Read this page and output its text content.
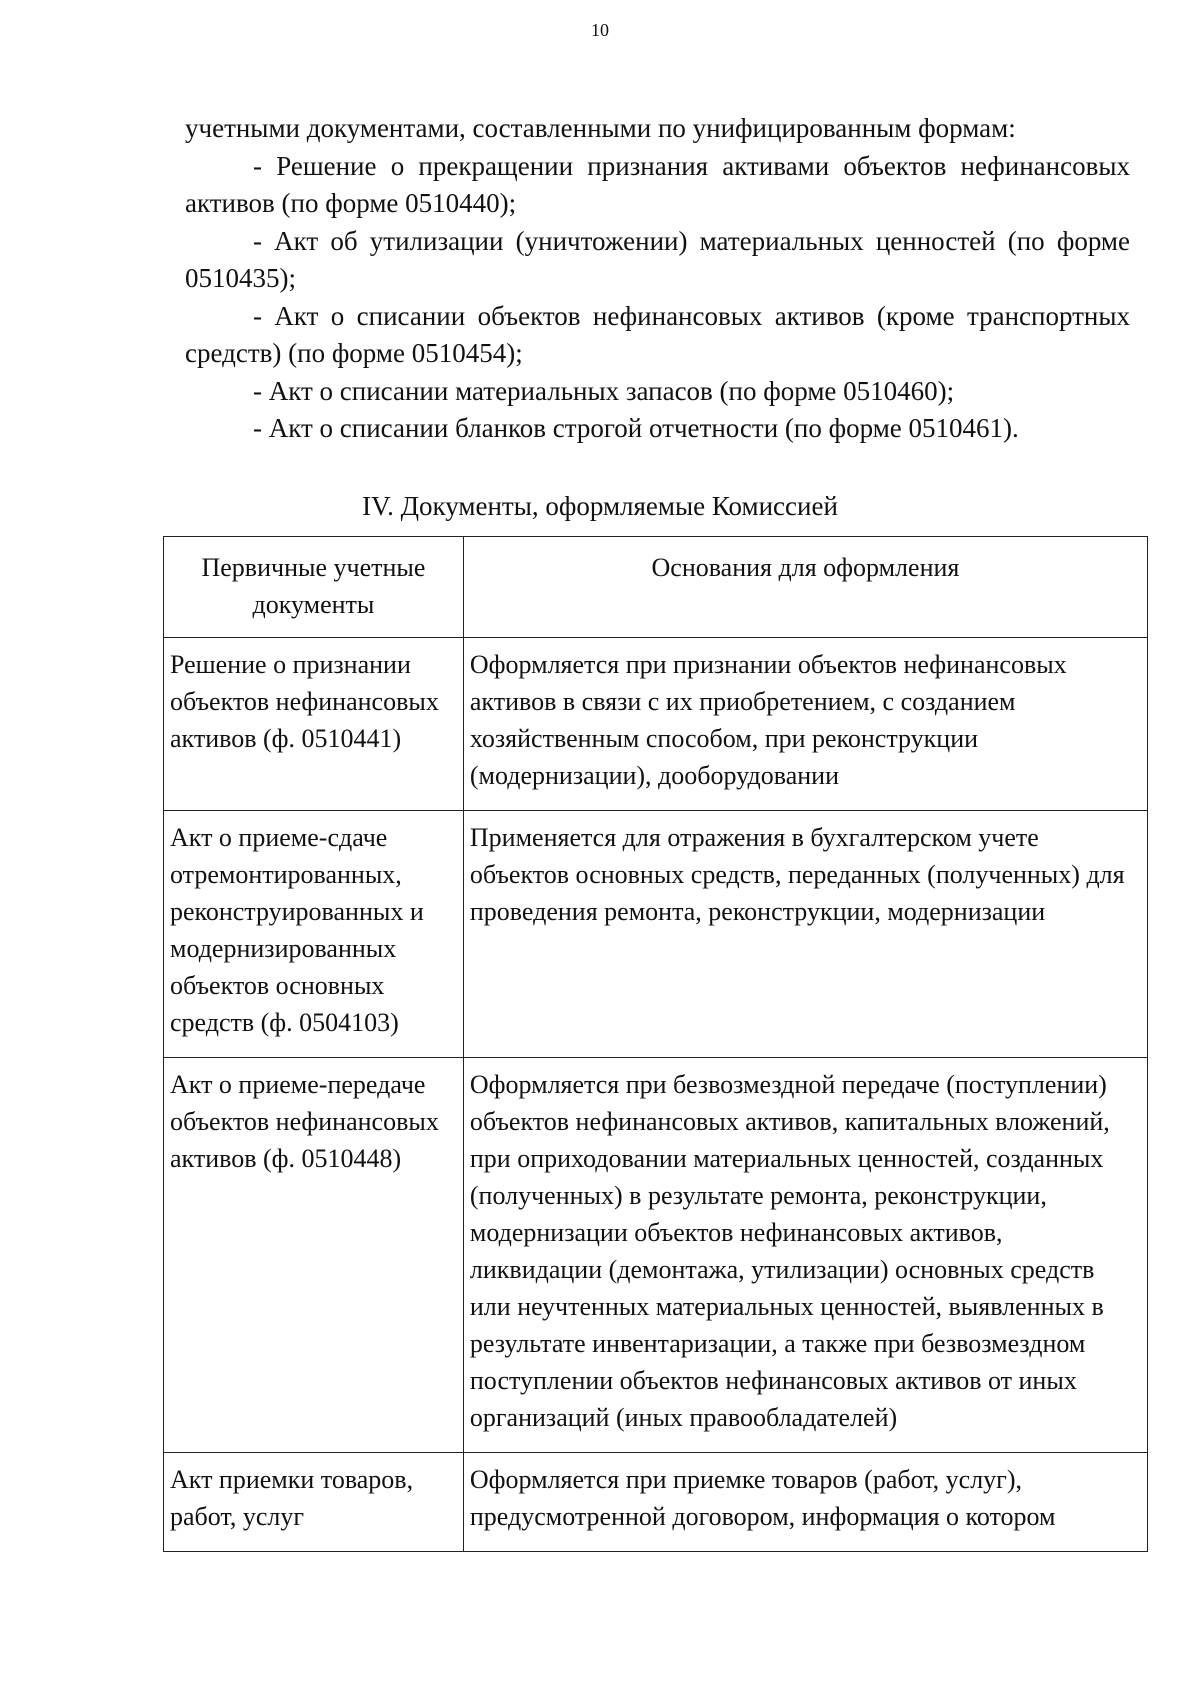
10

учетными документами, составленными по унифицированным формам:

- Решение о прекращении признания активами объектов нефинансовых активов (по форме 0510440);

- Акт об утилизации (уничтожении) материальных ценностей (по форме 0510435);

- Акт о списании объектов нефинансовых активов (кроме транспортных средств) (по форме 0510454);

- Акт о списании материальных запасов (по форме 0510460);

- Акт о списании бланков строгой отчетности (по форме 0510461).

IV. Документы, оформляемые Комиссией
Первичные учетные документы	Основания для оформления
Решение о признании объектов нефинансовых активов (ф. 0510441)	Оформляется при признании объектов нефинансовых активов в связи с их приобретением, с созданием хозяйственным способом, при реконструкции (модернизации), дооборудовании
Акт о приеме-сдаче отремонтированных, реконструированных и модернизированных объектов основных средств (ф. 0504103)	Применяется для отражения в бухгалтерском учете объектов основных средств, переданных (полученных) для проведения ремонта, реконструкции, модернизации
Акт о приеме-передаче объектов нефинансовых активов (ф. 0510448)	Оформляется при безвозмездной передаче (поступлении) объектов нефинансовых активов, капитальных вложений, при оприходовании материальных ценностей, созданных (полученных) в результате ремонта, реконструкции, модернизации объектов нефинансовых активов, ликвидации (демонтажа, утилизации) основных средств или неучтенных материальных ценностей, выявленных в результате инвентаризации, а также при безвозмездном поступлении объектов нефинансовых активов от иных организаций (иных правообладателей)
Акт приемки товаров, работ, услуг	Оформляется при приемке товаров (работ, услуг), предусмотренной договором, информация о котором
